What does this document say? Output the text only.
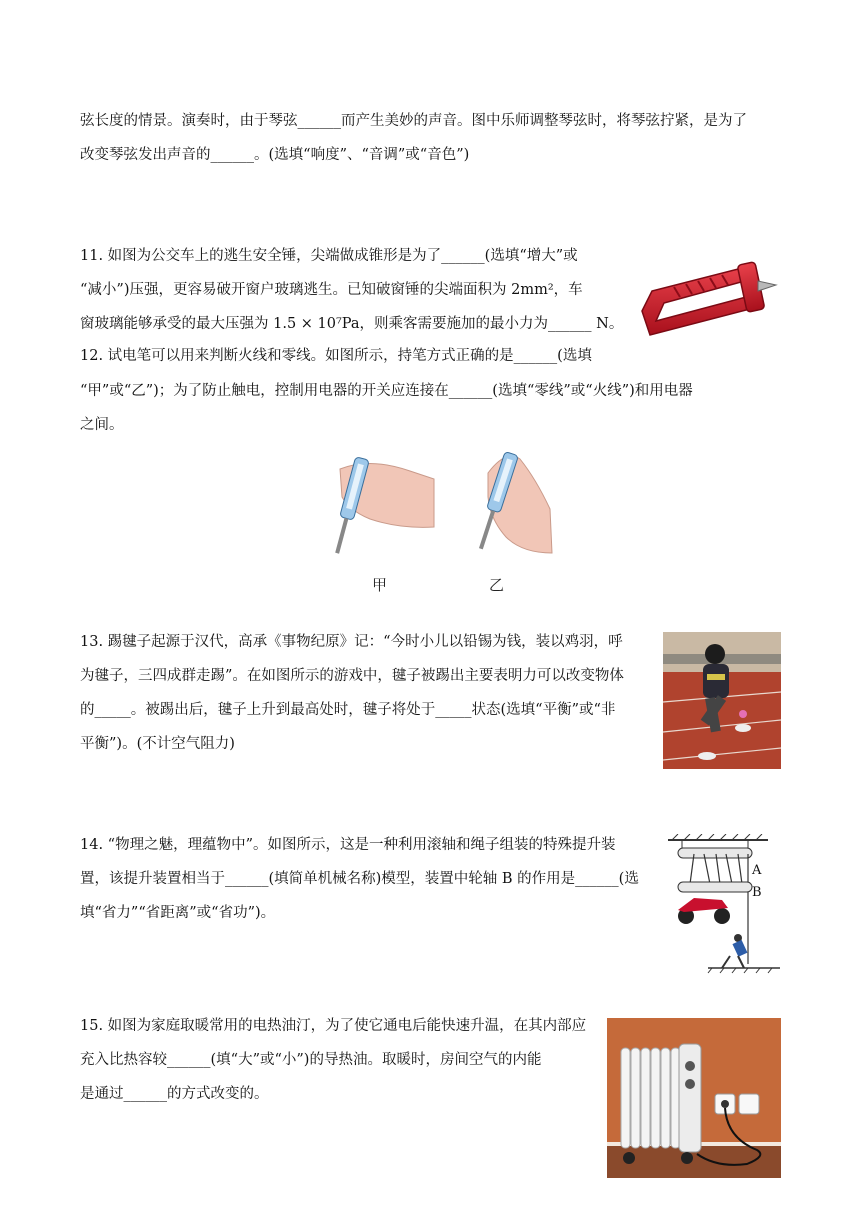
弦长度的情景。演奏时，由于琴弦______而产生美妙的声音。图中乐师调整琴弦时，将琴弦拧紧，是为了
改变琴弦发出声音的______。(选填“响度”、“音调”或“音色”)
11. 如图为公交车上的逃生安全锤，尖端做成锥形是为了______(选填“增大”或
“减小”)压强，更容易破开窗户玻璃逃生。已知破窗锤的尖端面积为 2mm²，车
窗玻璃能够承受的最大压强为 1.5 × 10⁷Pa，则乘客需要施加的最小力为______ N。
12. 试电笔可以用来判断火线和零线。如图所示，持笔方式正确的是______(选填
“甲”或“乙”)；为了防止触电，控制用电器的开关应连接在______(选填“零线”或“火线”)和用电器
之间。
13. 踢毽子起源于汉代，高承《事物纪原》记：“今时小儿以铅锡为钱，装以鸡羽，呼
为毽子，三四成群走踢”。在如图所示的游戏中，毽子被踢出主要表明力可以改变物体
的_____。被踢出后，毽子上升到最高处时，毽子将处于_____状态(选填“平衡”或“非
平衡”)。(不计空气阻力)
14. “物理之魅，理蕴物中”。如图所示，这是一种利用滚轴和绳子组装的特殊提升装
置，该提升装置相当于______(填简单机械名称)模型，装置中轮轴 B 的作用是______(选
填“省力”“省距离”或“省功”)。
15. 如图为家庭取暖常用的电热油汀，为了使它通电后能快速升温，在其内部应
充入比热容较______(填“大”或“小”)的导热油。取暖时，房间空气的内能
是通过______的方式改变的。
甲	乙
A
B
